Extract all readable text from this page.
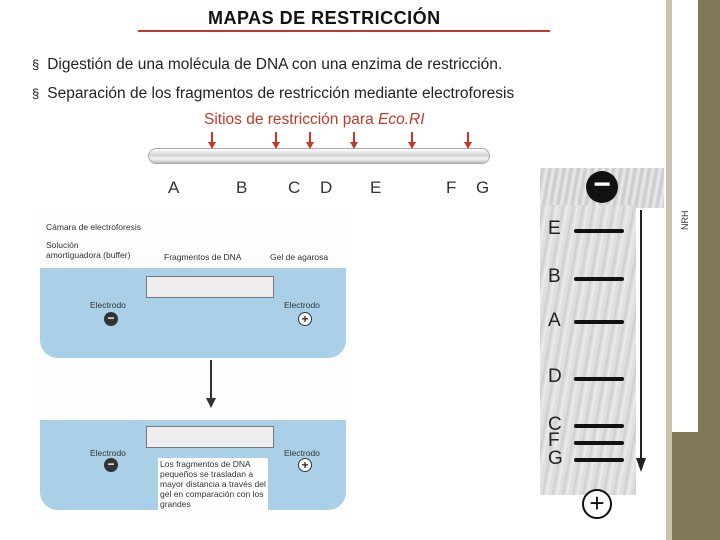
NRH
MAPAS DE RESTRICCIÓN
§ Digestión de una molécula de DNA con una enzima de restricción.
§ Separación de los fragmentos de restricción mediante electroforesis
Sitios de restricción para Eco.RI
A	B C D E	F G
Cámara de electroforesis
Solución
amortiguadora (buffer)	Fragmentos de DNA	Gel de agarosa
Electrodo
−
Electrodo
+
Electrodo
−
Electrodo
+
Los fragmentos de DNA pequeños se trasladan a mayor distancia a través del gel en comparación con los grandes
−
+
E
B
A
D
C
F
G
